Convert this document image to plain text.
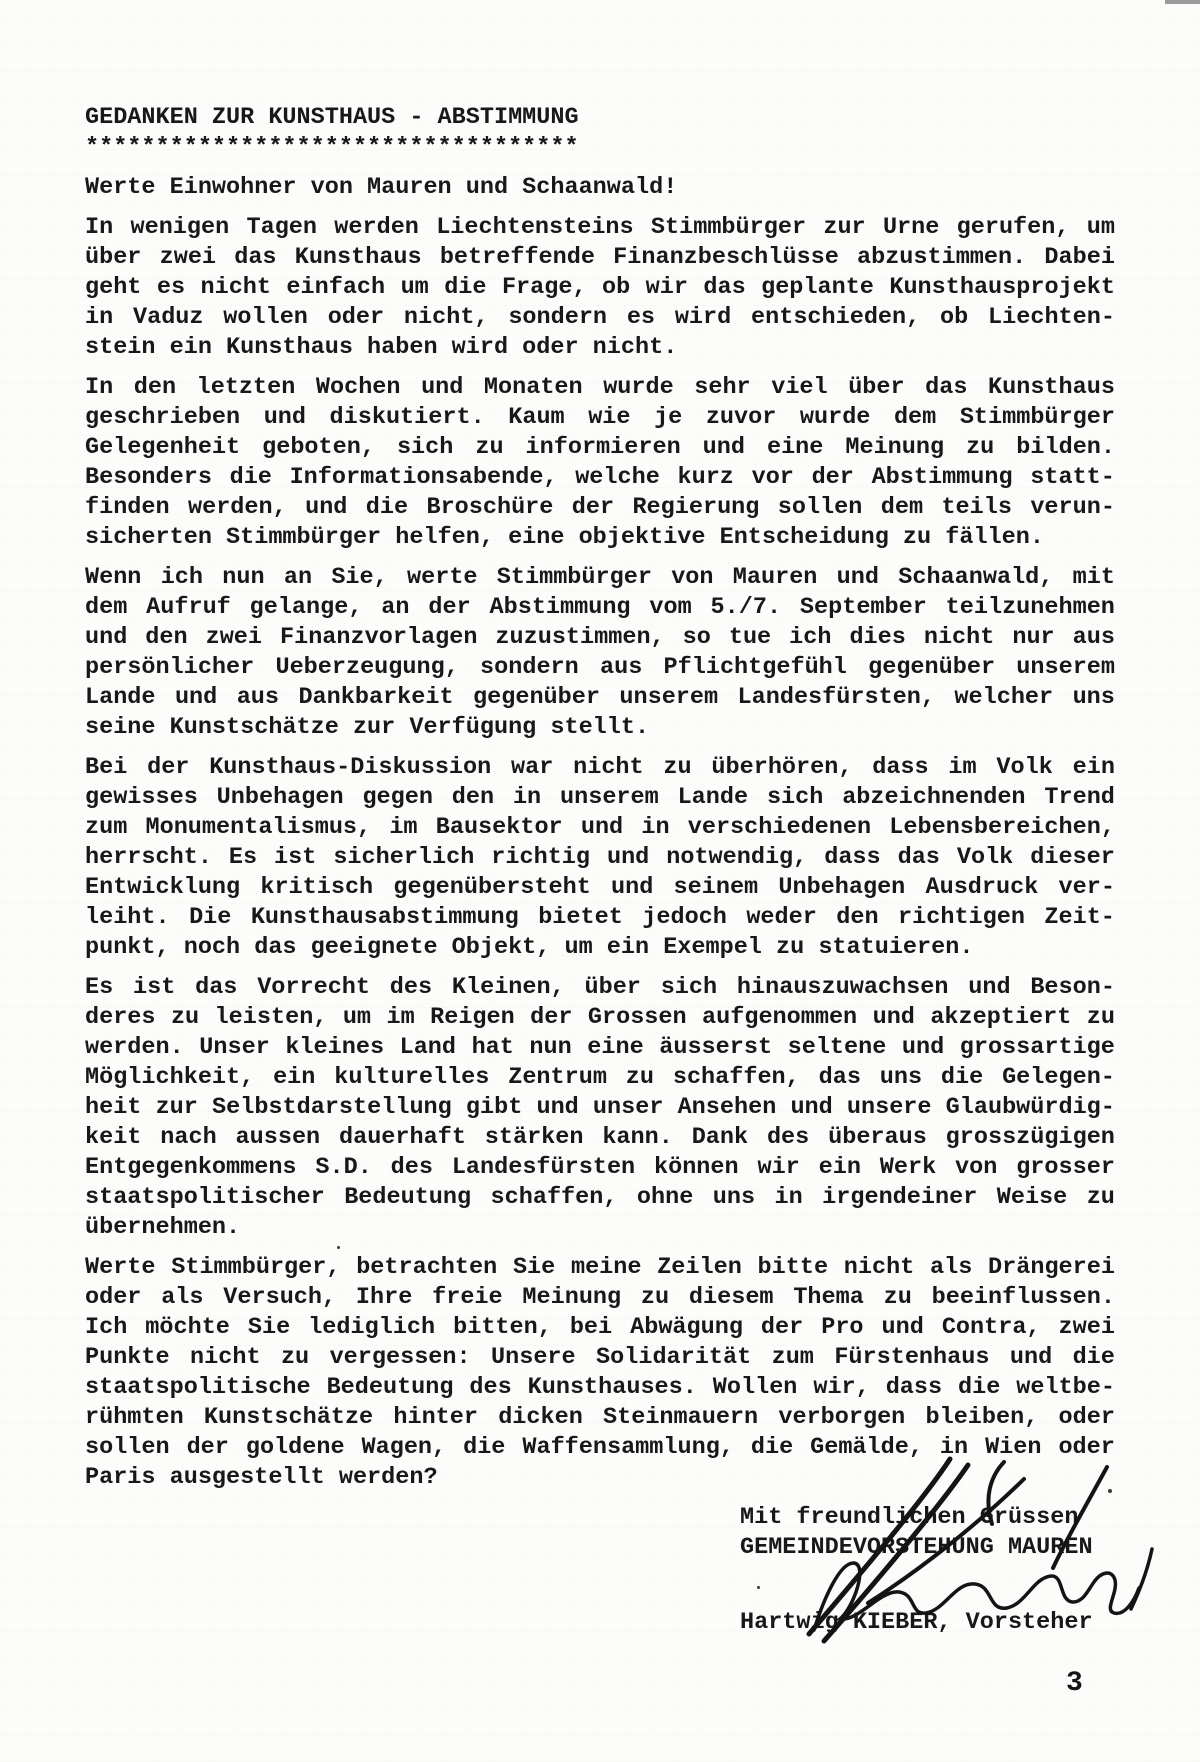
GEDANKEN ZUR KUNSTHAUS - ABSTIMMUNG
***********************************
Werte Einwohner von Mauren und Schaanwald!
In wenigen Tagen werden Liechtensteins Stimmbürger zur Urne gerufen, um
über zwei das Kunsthaus betreffende Finanzbeschlüsse abzustimmen. Dabei
geht es nicht einfach um die Frage, ob wir das geplante Kunsthausprojekt
in Vaduz wollen oder nicht, sondern es wird entschieden, ob Liechten-
stein ein Kunsthaus haben wird oder nicht.
In den letzten Wochen und Monaten wurde sehr viel über das Kunsthaus
geschrieben und diskutiert. Kaum wie je zuvor wurde dem Stimmbürger
Gelegenheit geboten, sich zu informieren und eine Meinung zu bilden.
Besonders die Informationsabende, welche kurz vor der Abstimmung statt-
finden werden, und die Broschüre der Regierung sollen dem teils verun-
sicherten Stimmbürger helfen, eine objektive Entscheidung zu fällen.
Wenn ich nun an Sie, werte Stimmbürger von Mauren und Schaanwald, mit
dem Aufruf gelange, an der Abstimmung vom 5./7. September teilzunehmen
und den zwei Finanzvorlagen zuzustimmen, so tue ich dies nicht nur aus
persönlicher Ueberzeugung, sondern aus Pflichtgefühl gegenüber unserem
Lande und aus Dankbarkeit gegenüber unserem Landesfürsten, welcher uns
seine Kunstschätze zur Verfügung stellt.
Bei der Kunsthaus-Diskussion war nicht zu überhören, dass im Volk ein
gewisses Unbehagen gegen den in unserem Lande sich abzeichnenden Trend
zum Monumentalismus, im Bausektor und in verschiedenen Lebensbereichen,
herrscht. Es ist sicherlich richtig und notwendig, dass das Volk dieser
Entwicklung kritisch gegenübersteht und seinem Unbehagen Ausdruck ver-
leiht. Die Kunsthausabstimmung bietet jedoch weder den richtigen Zeit-
punkt, noch das geeignete Objekt, um ein Exempel zu statuieren.
Es ist das Vorrecht des Kleinen, über sich hinauszuwachsen und Beson-
deres zu leisten, um im Reigen der Grossen aufgenommen und akzeptiert zu
werden. Unser kleines Land hat nun eine äusserst seltene und grossartige
Möglichkeit, ein kulturelles Zentrum zu schaffen, das uns die Gelegen-
heit zur Selbstdarstellung gibt und unser Ansehen und unsere Glaubwürdig-
keit nach aussen dauerhaft stärken kann. Dank des überaus grosszügigen
Entgegenkommens S.D. des Landesfürsten können wir ein Werk von grosser
staatspolitischer Bedeutung schaffen, ohne uns in irgendeiner Weise zu
übernehmen.
Werte Stimmbürger, betrachten Sie meine Zeilen bitte nicht als Drängerei
oder als Versuch, Ihre freie Meinung zu diesem Thema zu beeinflussen.
Ich möchte Sie lediglich bitten, bei Abwägung der Pro und Contra, zwei
Punkte nicht zu vergessen: Unsere Solidarität zum Fürstenhaus und die
staatspolitische Bedeutung des Kunsthauses. Wollen wir, dass die weltbe-
rühmten Kunstschätze hinter dicken Steinmauern verborgen bleiben, oder
sollen der goldene Wagen, die Waffensammlung, die Gemälde, in Wien oder
Paris ausgestellt werden?
Mit freundlichen Grüssen
GEMEINDEVORSTEHUNG MAUREN
Hartwig KIEBER, Vorsteher
3
